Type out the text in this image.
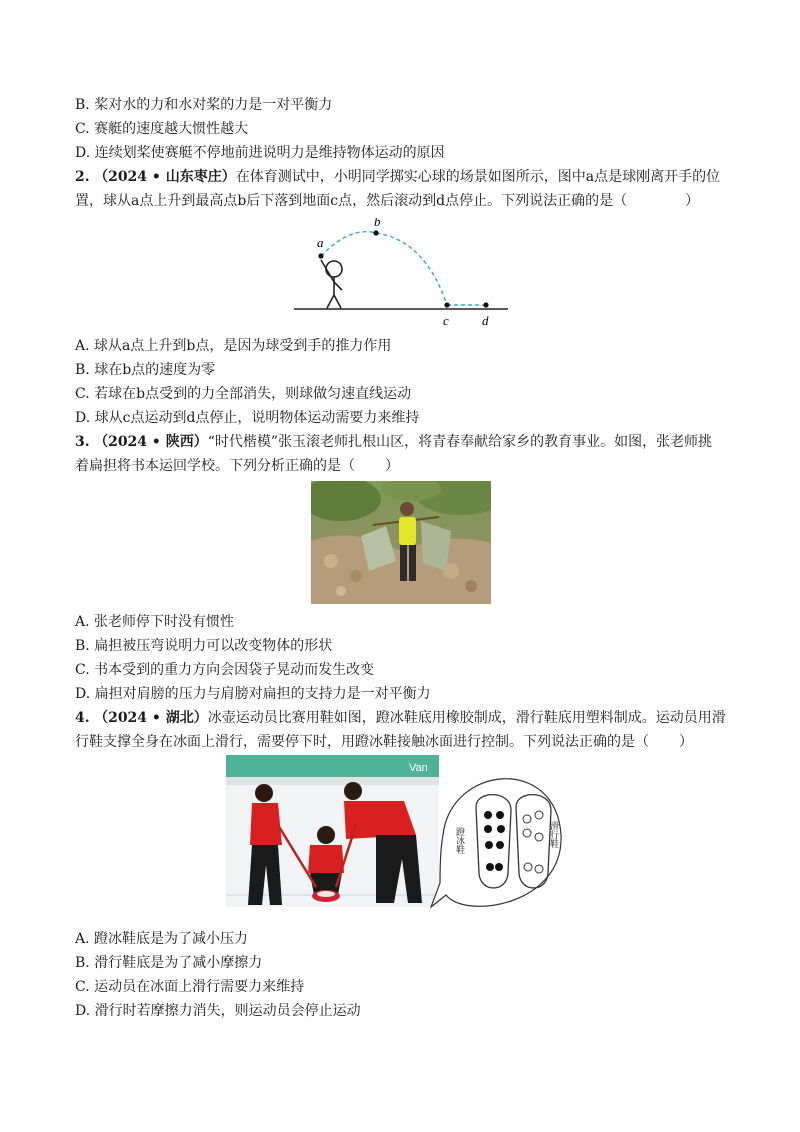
B. 桨对水的力和水对桨的力是一对平衡力
C. 赛艇的速度越大惯性越大
D. 连续划桨使赛艇不停地前进说明力是维持物体运动的原因
2. （2024 • 山东枣庄）在体育测试中，小明同学掷实心球的场景如图所示，图中a点是球刚离开手的位
置，球从a点上升到最高点b后下落到地面c点，然后滚动到d点停止。下列说法正确的是（	）
a
b
c	d
A. 球从a点上升到b点，是因为球受到手的推力作用
B. 球在b点的速度为零
C. 若球在b点受到的力全部消失，则球做匀速直线运动
D. 球从c点运动到d点停止，说明物体运动需要力来维持
3. （2024 • 陕西）“时代楷模”张玉滚老师扎根山区，将青春奉献给家乡的教育事业。如图，张老师挑
着扁担将书本运回学校。下列分析正确的是（ ）
A. 张老师停下时没有惯性
B. 扁担被压弯说明力可以改变物体的形状
C. 书本受到的重力方向会因袋子晃动而发生改变
D. 扁担对肩膀的压力与肩膀对扁担的支持力是一对平衡力
4. （2024 • 湖北）冰壶运动员比赛用鞋如图，蹬冰鞋底用橡胶制成，滑行鞋底用塑料制成。运动员用滑
行鞋支撑全身在冰面上滑行，需要停下时，用蹬冰鞋接触冰面进行控制。下列说法正确的是（ ）
Van
蹬冰鞋	滑行鞋
A. 蹬冰鞋底是为了减小压力
B. 滑行鞋底是为了减小摩擦力
C. 运动员在冰面上滑行需要力来维持
D. 滑行时若摩擦力消失，则运动员会停止运动
